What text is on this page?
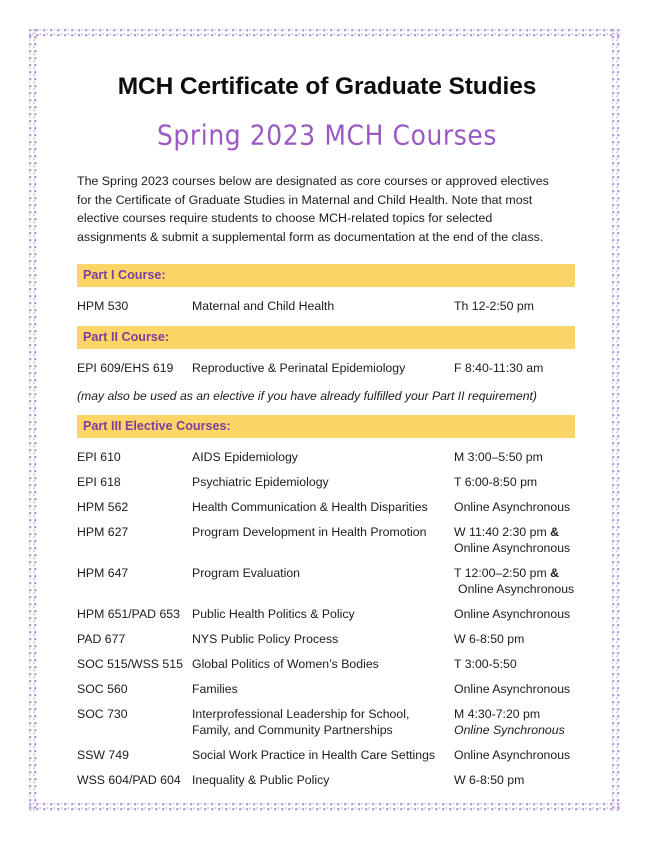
MCH Certificate of Graduate Studies
Spring 2023 MCH Courses

The Spring 2023 courses below are designated as core courses or approved electives for the Certificate of Graduate Studies in Maternal and Child Health. Note that most elective courses require students to choose MCH-related topics for selected assignments & submit a supplemental form as documentation at the end of the class.

Part I Course:
HPM 530	Maternal and Child Health	Th 12-2:50 pm
Part II Course:
EPI 609/EHS 619	Reproductive & Perinatal Epidemiology	F 8:40-11:30 am

(may also be used as an elective if you have already fulfilled your Part II requirement)

Part III Elective Courses:
EPI 610	AIDS Epidemiology	M 3:00–5:50 pm
EPI 618	Psychiatric Epidemiology	T 6:00-8:50 pm
HPM 562	Health Communication & Health Disparities	Online Asynchronous
HPM 627	Program Development in Health Promotion	W 11:40 2:30 pm &
Online Asynchronous
HPM 647	Program Evaluation	T 12:00–2:50 pm &
Online Asynchronous
HPM 651/PAD 653	Public Health Politics & Policy	Online Asynchronous
PAD 677	NYS Public Policy Process	W 6-8:50 pm
SOC 515/WSS 515	Global Politics of Women’s Bodies	T 3:00-5:50
SOC 560	Families	Online Asynchronous
SOC 730	Interprofessional Leadership for School,
Family, and Community Partnerships	M 4:30-7:20 pm
Online Synchronous
SSW 749	Social Work Practice in Health Care Settings	Online Asynchronous
WSS 604/PAD 604	Inequality & Public Policy	W 6-8:50 pm
